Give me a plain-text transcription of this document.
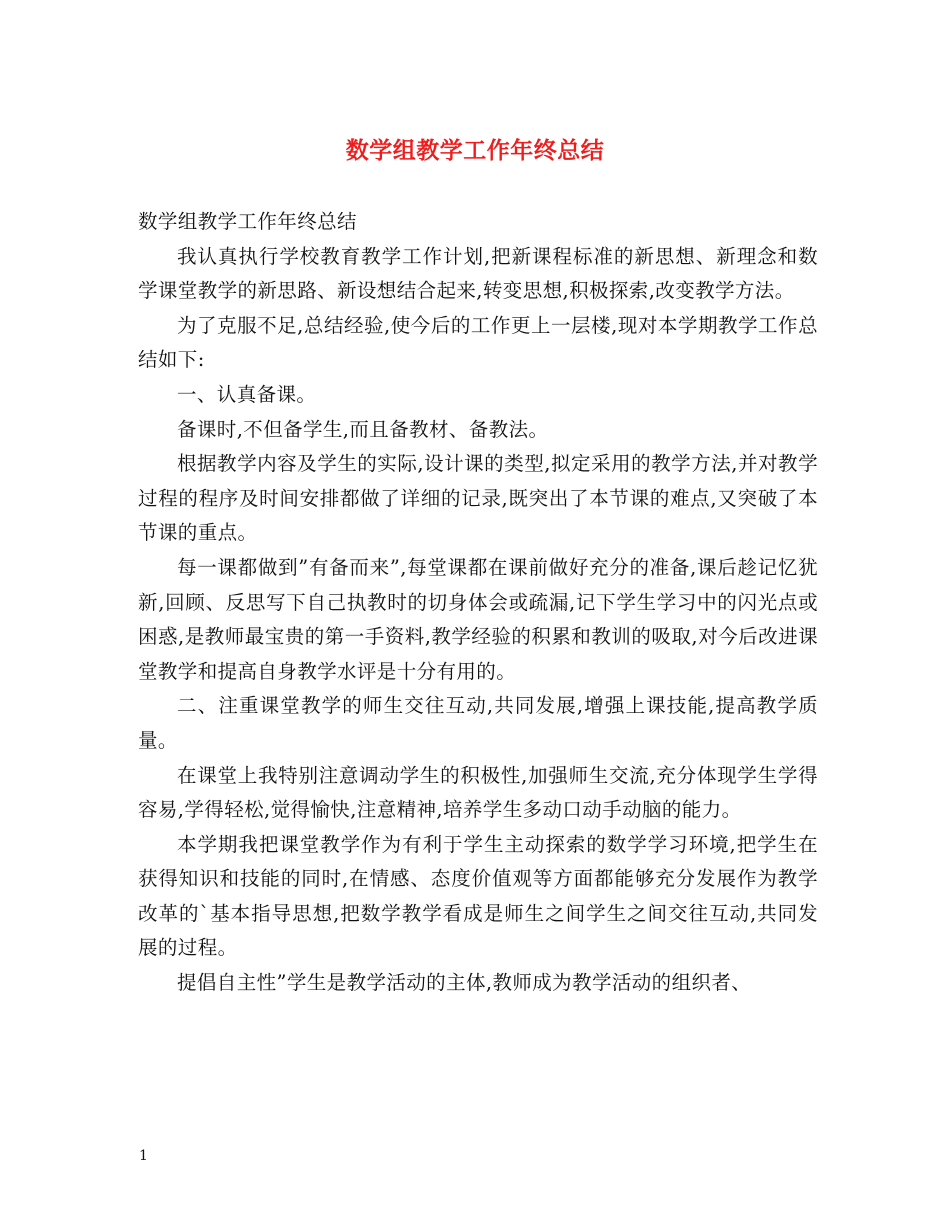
数学组教学工作年终总结

数学组教学工作年终总结

我认真执行学校教育教学工作计划,把新课程标准的新思想、新理念和数学课堂教学的新思路、新设想结合起来,转变思想,积极探索,改变教学方法。

为了克服不足,总结经验,使今后的工作更上一层楼,现对本学期教学工作总结如下:

一、认真备课。

备课时,不但备学生,而且备教材、备教法。

根据教学内容及学生的实际,设计课的类型,拟定采用的教学方法,并对教学过程的程序及时间安排都做了详细的记录,既突出了本节课的难点,又突破了本节课的重点。

每一课都做到”有备而来”,每堂课都在课前做好充分的准备,课后趁记忆犹新,回顾、反思写下自己执教时的切身体会或疏漏,记下学生学习中的闪光点或困惑,是教师最宝贵的第一手资料,教学经验的积累和教训的吸取,对今后改进课堂教学和提高自身教学水评是十分有用的。

二、注重课堂教学的师生交往互动,共同发展,增强上课技能,提高教学质量。

在课堂上我特别注意调动学生的积极性,加强师生交流,充分体现学生学得容易,学得轻松,觉得愉快,注意精神,培养学生多动口动手动脑的能力。

本学期我把课堂教学作为有利于学生主动探索的数学学习环境,把学生在获得知识和技能的同时,在情感、态度价值观等方面都能够充分发展作为教学改革的`基本指导思想,把数学教学看成是师生之间学生之间交往互动,共同发展的过程。

提倡自主性”学生是教学活动的主体,教师成为教学活动的组织者、

1
